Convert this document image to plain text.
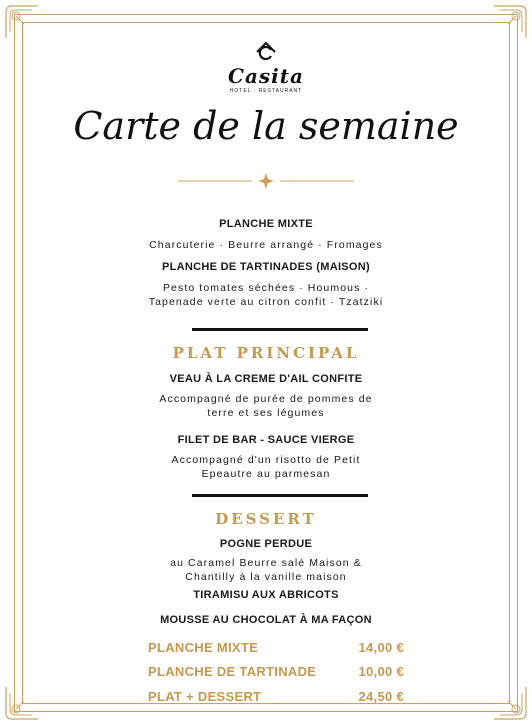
Casita
HOTEL · RESTAURANT
Carte de la semaine
PLANCHE MIXTE
Charcuterie · Beurre arrangé · Fromages
PLANCHE DE TARTINADES (MAISON)
Pesto tomates séchées · Houmous ·
Tapenade verte au citron confit · Tzatziki
PLAT PRINCIPAL
VEAU À LA CREME D'AIL CONFITE
Accompagné de purée de pommes de
terre et ses légumes
FILET DE BAR - SAUCE VIERGE
Accompagné d'un risotto de Petit
Epeautre au parmesan
DESSERT
POGNE PERDUE
au Caramel Beurre salé Maison &
Chantilly à la vanille maison
TIRAMISU AUX ABRICOTS
MOUSSE AU CHOCOLAT À MA FAÇON
PLANCHE MIXTE	14,00 €
PLANCHE DE TARTINADE	10,00 €
PLAT + DESSERT	24,50 €
